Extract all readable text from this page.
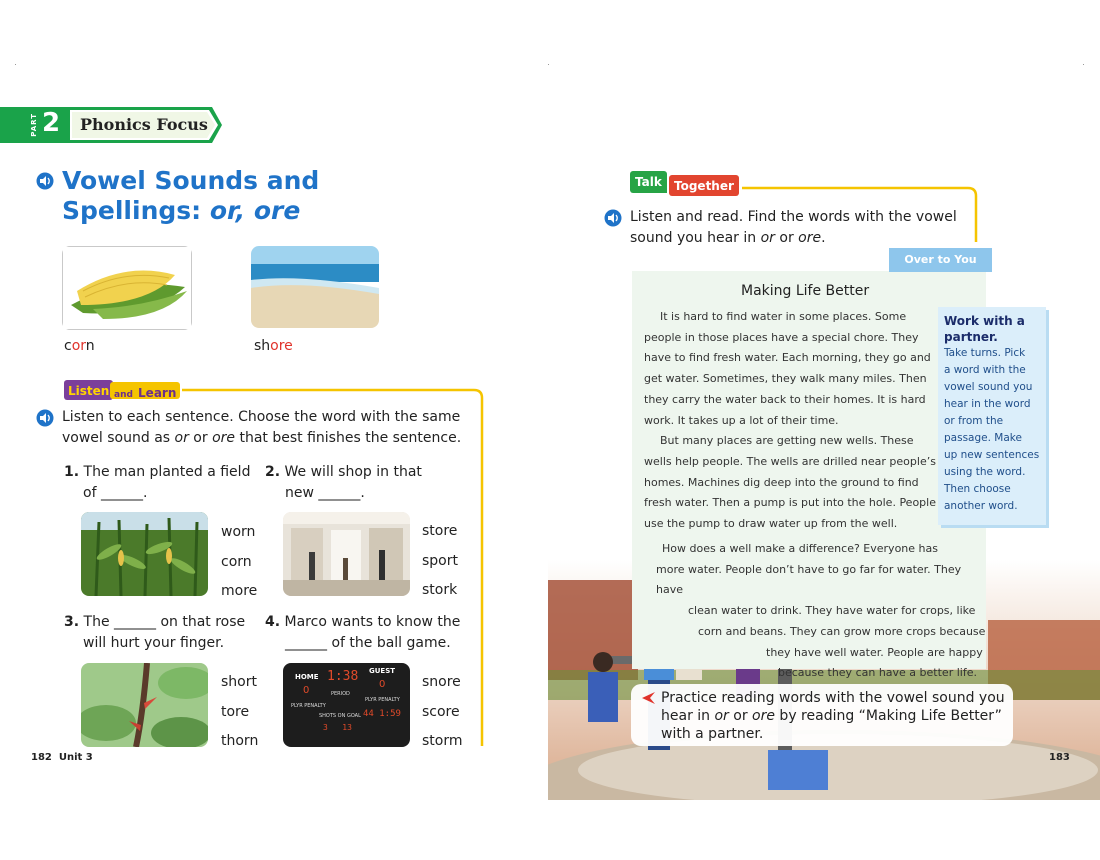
PART 2 Phonics Focus
Vowel Sounds and
Spellings: or, ore
corn	shore
Listen and Learn
Listen to each sentence. Choose the word with the same
vowel sound as or or ore that best finishes the sentence.
1. The man planted a field
of ______.
worn
corn
more
2. We will shop in that
new ______.
store
sport
stork
3. The ______ on that rose
will hurt your finger.
short
tore
thorn
4. Marco wants to know the
______ of the ball game.
HOME
GUEST
1:38
0
0
PERIOD
PLYR PENALTY
PLYR PENALTY
SHOTS ON GOAL 44 1:59
3   13
snore
score
storm
182 Unit 3
Talk	Together
Listen and read. Find the words with the vowel
sound you hear in or or ore.
Over to You
Making Life Better
It is hard to find water in some places. Some
people in those places have a special chore. They
have to find fresh water. Each morning, they go and
get water. Sometimes, they walk many miles. Then
they carry the water back to their homes. It is hard
work. It takes up a lot of their time.
But many places are getting new wells. These
wells help people. The wells are drilled near people’s
homes. Machines dig deep into the ground to find
fresh water. Then a pump is put into the hole. People
use the pump to draw water up from the well.
How does a well make a difference? Everyone has
more water. People don’t have to go far for water. They have
clean water to drink. They have water for crops, like
corn and beans. They can grow more crops because
they have well water. People are happy
because they can have a better life.
Work with a
partner.
Take turns. Pick
a word with the
vowel sound you
hear in the word
or from the
passage. Make
up new sentences
using the word.
Then choose
another word.
Practice reading words with the vowel sound you
hear in or or ore by reading “Making Life Better”
with a partner.
183
